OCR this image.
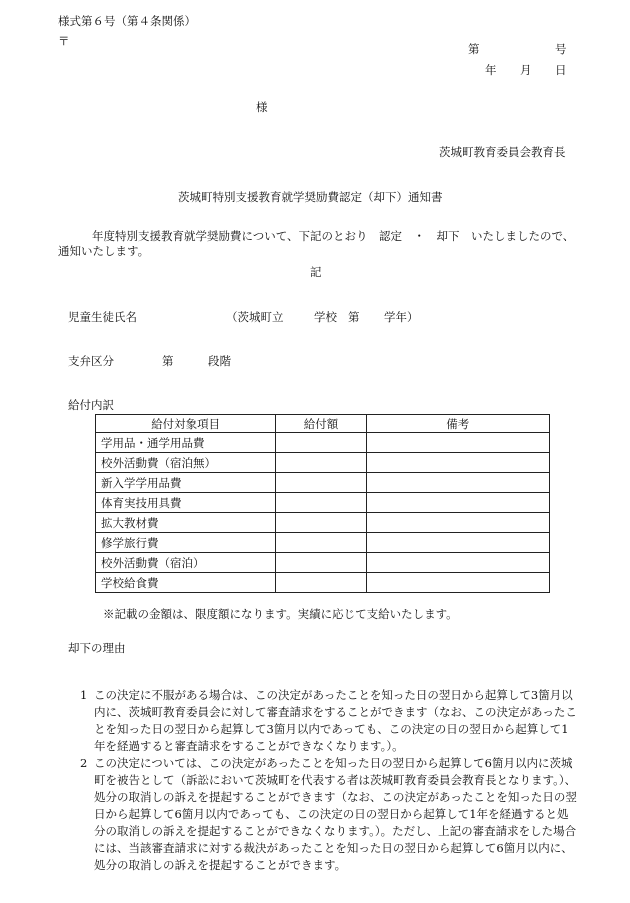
様式第６号（第４条関係）
〒
第	号
年 月 日
様
茨城町教育委員会教育長
茨城町特別支援教育就学奨励費認定（却下）通知書
年度特別支援教育就学奨励費について、下記のとおり　認定　・　却下　いたしましたので、
通知いたします。
記
児童生徒氏名	（茨城町立	学校 第 学年）
支弁区分	第	段階
給付内訳
給付対象項目	給付額	備考
学用品・通学用品費		
校外活動費（宿泊無）		
新入学学用品費		
体育実技用具費		
拡大教材費		
修学旅行費		
校外活動費（宿泊）		
学校給食費		
※記載の金額は、限度額になります。実績に応じて支給いたします。
却下の理由
1 この決定に不服がある場合は、この決定があったことを知った日の翌日から起算して3箇月以内に、茨城町教育委員会に対して審査請求をすることができます（なお、この決定があったことを知った日の翌日から起算して3箇月以内であっても、この決定の日の翌日から起算して1年を経過すると審査請求をすることができなくなります。）。
2 この決定については、この決定があったことを知った日の翌日から起算して6箇月以内に茨城町を被告として（訴訟において茨城町を代表する者は茨城町教育委員会教育長となります。）、処分の取消しの訴えを提起することができます（なお、この決定があったことを知った日の翌日から起算して6箇月以内であっても、この決定の日の翌日から起算して1年を経過すると処分の取消しの訴えを提起することができなくなります。）。ただし、上記の審査請求をした場合には、当該審査請求に対する裁決があったことを知った日の翌日から起算して6箇月以内に、処分の取消しの訴えを提起することができます。
